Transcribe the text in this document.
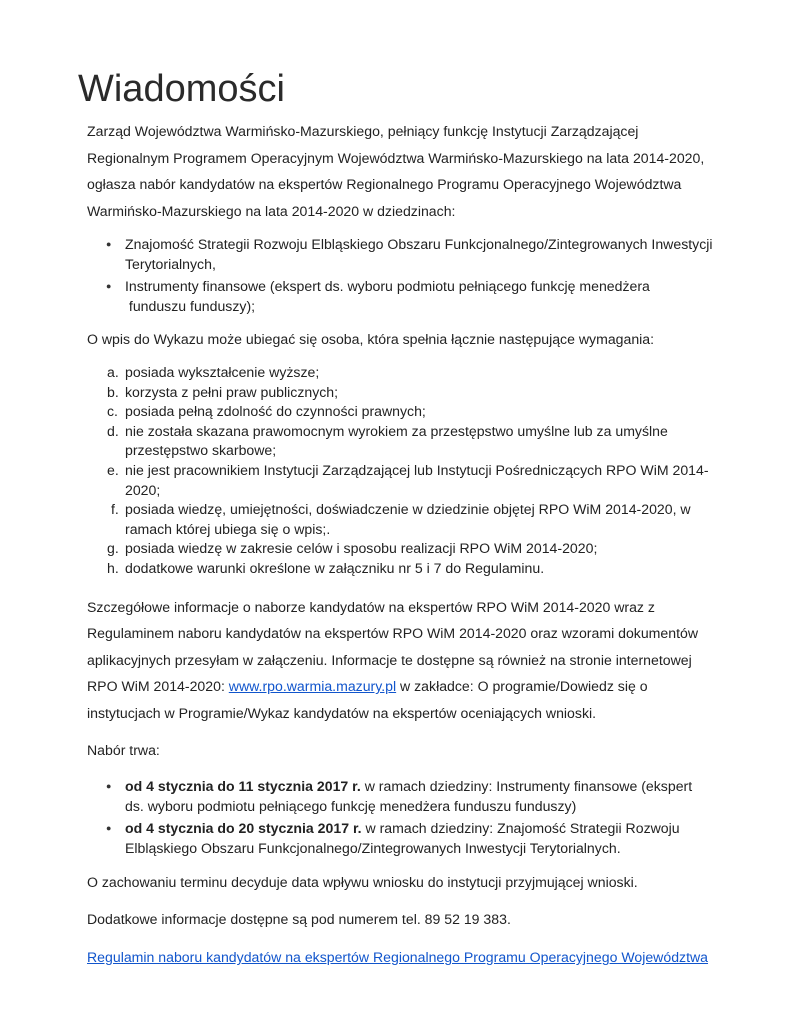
Wiadomości

Zarząd Województwa Warmińsko-Mazurskiego, pełniący funkcję Instytucji Zarządzającej

Regionalnym Programem Operacyjnym Województwa Warmińsko-Mazurskiego na lata 2014-2020,

ogłasza nabór kandydatów na ekspertów Regionalnego Programu Operacyjnego Województwa

Warmińsko-Mazurskiego na lata 2014-2020 w dziedzinach:

● Znajomość Strategii Rozwoju Elbląskiego Obszaru Funkcjonalnego/Zintegrowanych Inwestycji
Terytorialnych,
● Instrumenty finansowe (ekspert ds. wyboru podmiotu pełniącego funkcję menedżera
funduszu funduszy);

O wpis do Wykazu może ubiegać się osoba, która spełnia łącznie następujące wymagania:

a. posiada wykształcenie wyższe;
b. korzysta z pełni praw publicznych;
c. posiada pełną zdolność do czynności prawnych;
d. nie została skazana prawomocnym wyrokiem za przestępstwo umyślne lub za umyślne
przestępstwo skarbowe;
e. nie jest pracownikiem Instytucji Zarządzającej lub Instytucji Pośredniczących RPO WiM 2014-
2020;
f. posiada wiedzę, umiejętności, doświadczenie w dziedzinie objętej RPO WiM 2014-2020, w
ramach której ubiega się o wpis;.
g. posiada wiedzę w zakresie celów i sposobu realizacji RPO WiM 2014-2020;
h. dodatkowe warunki określone w załączniku nr 5 i 7 do Regulaminu.

Szczegółowe informacje o naborze kandydatów na ekspertów RPO WiM 2014-2020 wraz z

Regulaminem naboru kandydatów na ekspertów RPO WiM 2014-2020 oraz wzorami dokumentów

aplikacyjnych przesyłam w załączeniu. Informacje te dostępne są również na stronie internetowej

RPO WiM 2014-2020: www.rpo.warmia.mazury.pl w zakładce: O programie/Dowiedz się o

instytucjach w Programie/Wykaz kandydatów na ekspertów oceniających wnioski.

Nabór trwa:

● od 4 stycznia do 11 stycznia 2017 r. w ramach dziedziny: Instrumenty finansowe (ekspert
ds. wyboru podmiotu pełniącego funkcję menedżera funduszu funduszy)
● od 4 stycznia do 20 stycznia 2017 r. w ramach dziedziny: Znajomość Strategii Rozwoju
Elbląskiego Obszaru Funkcjonalnego/Zintegrowanych Inwestycji Terytorialnych.

O zachowaniu terminu decyduje data wpływu wniosku do instytucji przyjmującej wnioski.

Dodatkowe informacje dostępne są pod numerem tel. 89 52 19 383.

Regulamin naboru kandydatów na ekspertów Regionalnego Programu Operacyjnego Województwa
